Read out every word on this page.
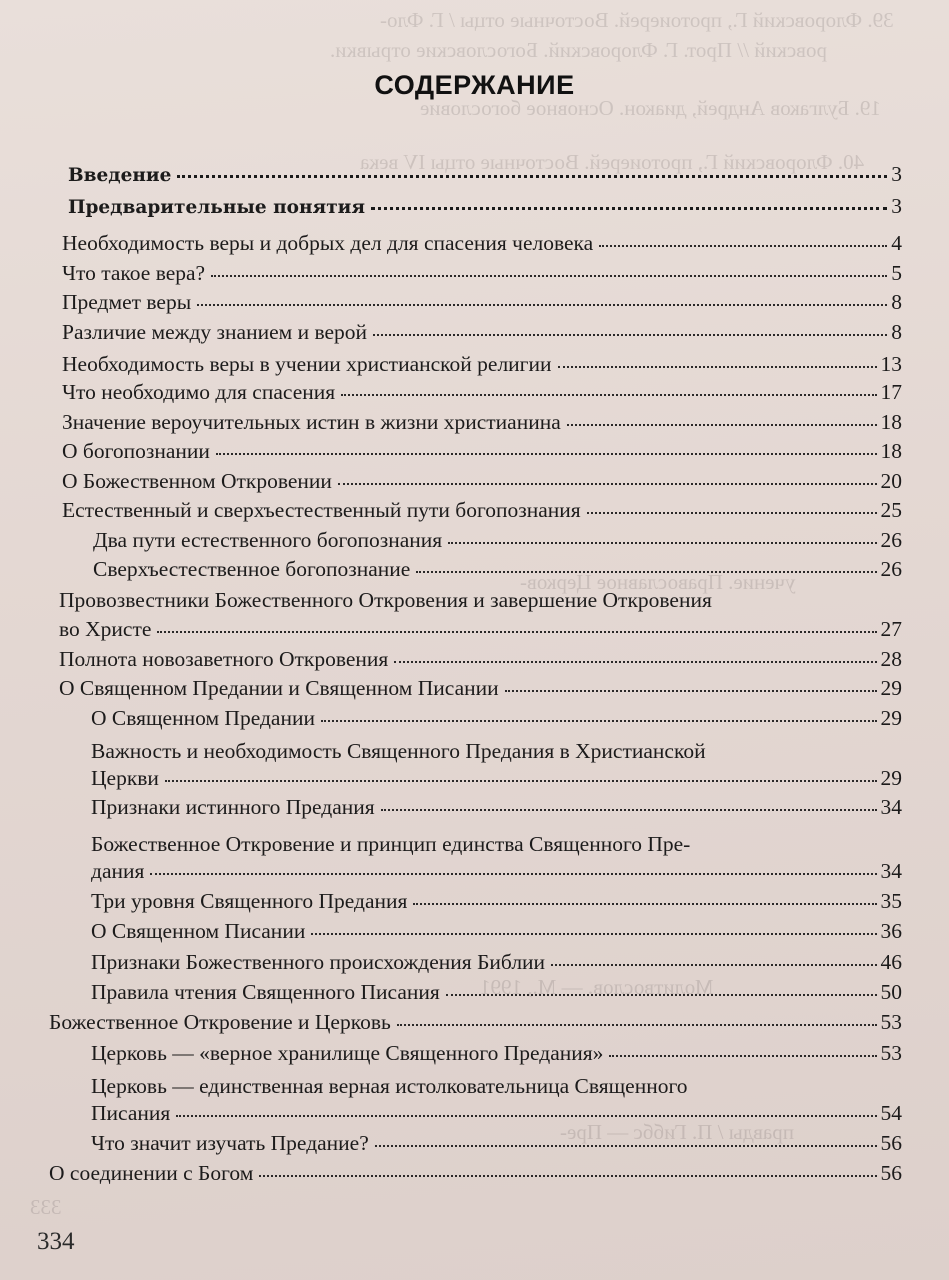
39. Флоровский Г., протоиерей. Восточные отцы / Г. Фло-
ровский // Прот. Г. Флоровский. Богословские отрывки.
19. Булгаков Андрей, диакон. Основное богословие
40. Флоровский Г., протоиерей. Восточные отцы IV века
учение. Православное Церков-
Молитвослов. — М., 1991
правды / П. Гиббс — Пре-
333
СОДЕРЖАНИЕ
Введение	3
Предварительные понятия	3
Необходимость веры и добрых дел для спасения человека	4
Что такое вера?	5
Предмет веры	8
Различие между знанием и верой	8
Необходимость веры в учении христианской религии	13
Что необходимо для спасения	17
Значение вероучительных истин в жизни христианина	18
О богопознании	18
О Божественном Откровении	20
Естественный и сверхъестественный пути богопознания	25
Два пути естественного богопознания	26
Сверхъестественное богопознание	26
Провозвестники Божественного Откровения и завершение Откровения
во Христе	27
Полнота новозаветного Откровения	28
О Священном Предании и Священном Писании	29
О Священном Предании	29
Важность и необходимость Священного Предания в Христианской
Церкви	29
Признаки истинного Предания	34
Божественное Откровение и принцип единства Священного Пре-
дания	34
Три уровня Священного Предания	35
О Священном Писании	36
Признаки Божественного происхождения Библии	46
Правила чтения Священного Писания	50
Божественное Откровение и Церковь	53
Церковь — «верное хранилище Священного Предания»	53
Церковь — единственная верная истолковательница Священного
Писания	54
Что значит изучать Предание?	56
О соединении с Богом	56
334
